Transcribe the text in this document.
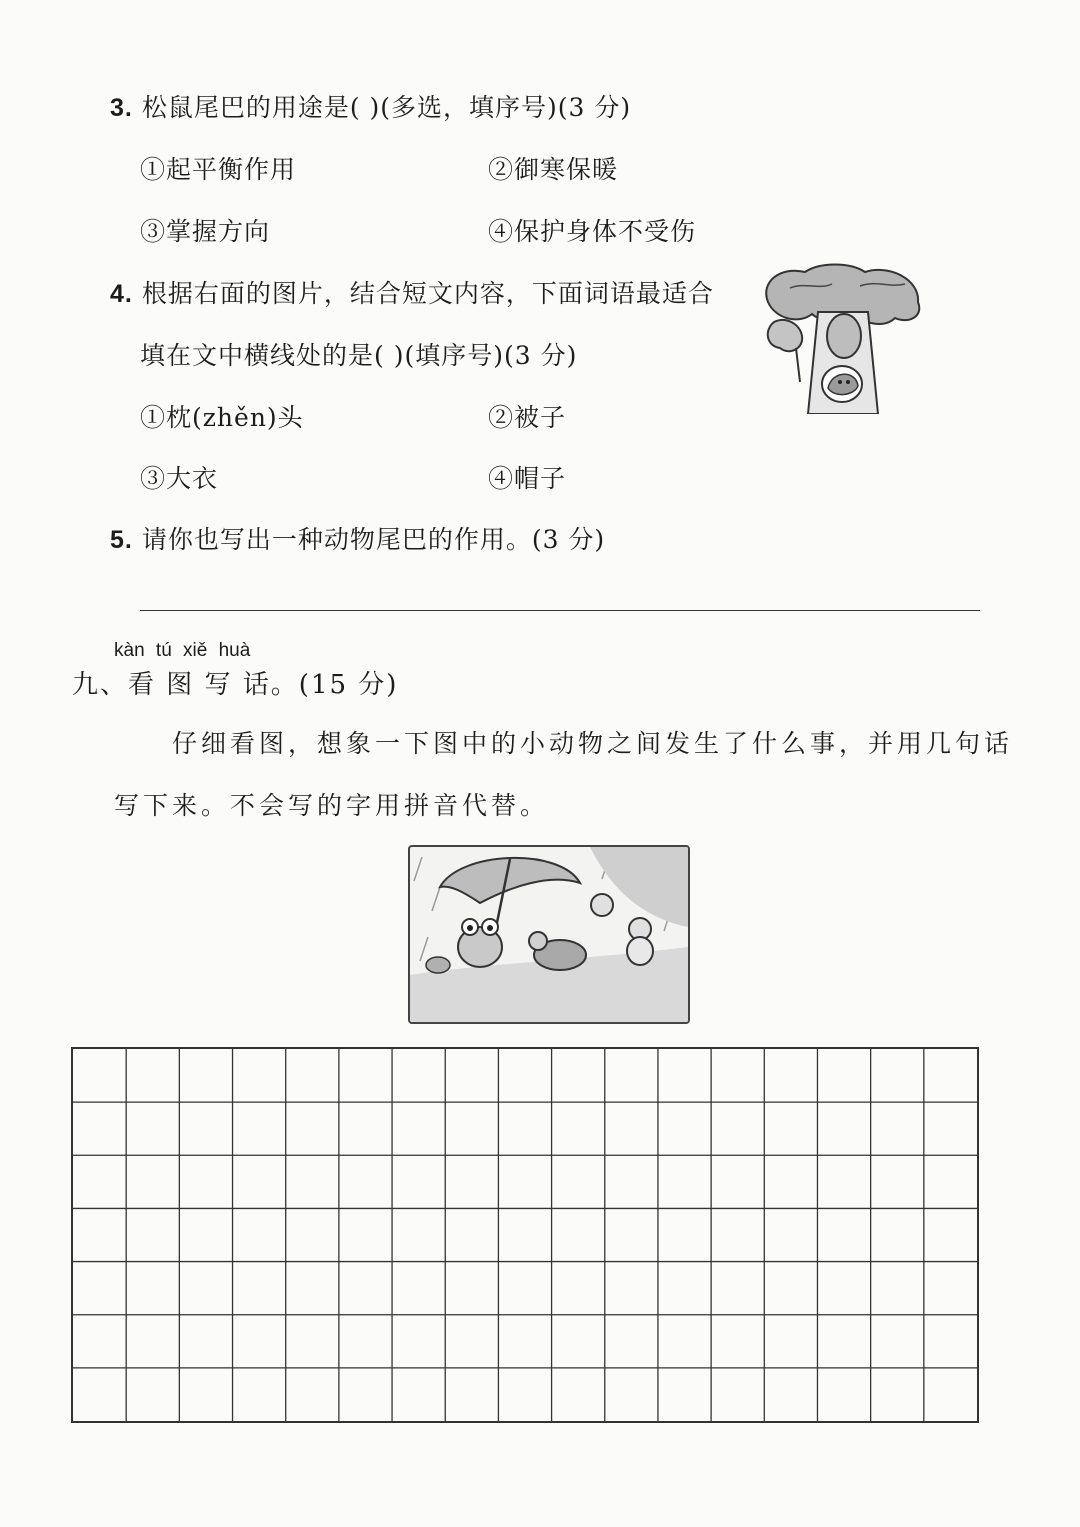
3. 松鼠尾巴的用途是( )(多选，填序号)(3 分)
①起平衡作用	②御寒保暖
③掌握方向	④保护身体不受伤
4. 根据右面的图片，结合短文内容，下面词语最适合
填在文中横线处的是( )(填序号)(3 分)
①枕(zhěn)头	②被子
③大衣	④帽子
5. 请你也写出一种动物尾巴的作用。(3 分)
kàn tú xiě huà
九、看 图 写 话。(15 分)
仔细看图，想象一下图中的小动物之间发生了什么事，并用几句话
写下来。不会写的字用拼音代替。
